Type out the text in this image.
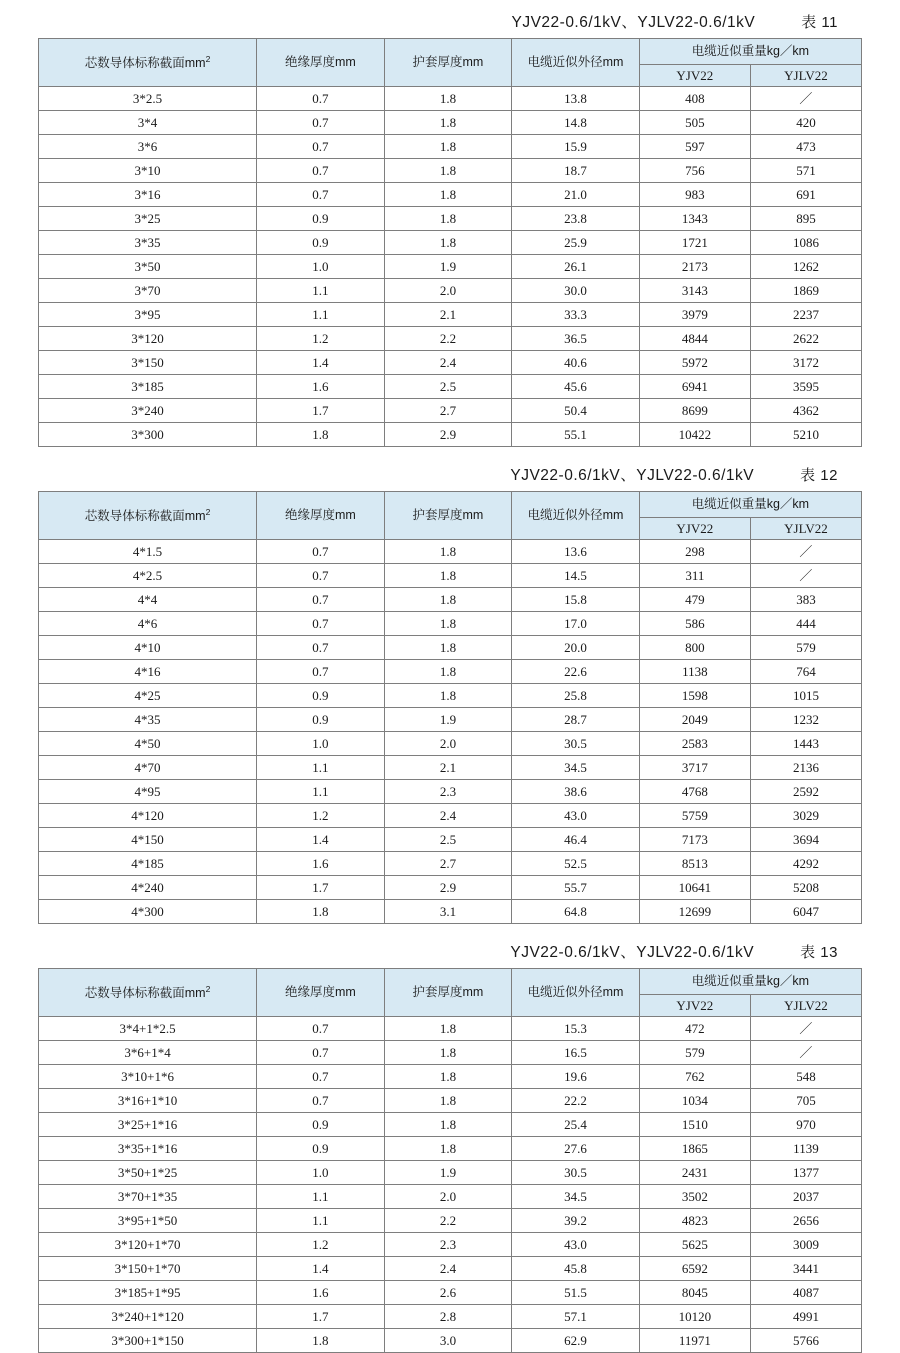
YJV22-0.6/1kV、YJLV22-0.6/1kV	表 11
芯数导体标称截面$mm^2$	绝缘厚度mm	护套厚度mm	电缆近似外径mm	电缆近似重量kg／km	
				YJV22	YJLV22
3*2.5	0.7	1.8	13.8	408	／
3*4	0.7	1.8	14.8	505	420
3*6	0.7	1.8	15.9	597	473
3*10	0.7	1.8	18.7	756	571
3*16	0.7	1.8	21.0	983	691
3*25	0.9	1.8	23.8	1343	895
3*35	0.9	1.8	25.9	1721	1086
3*50	1.0	1.9	26.1	2173	1262
3*70	1.1	2.0	30.0	3143	1869
3*95	1.1	2.1	33.3	3979	2237
3*120	1.2	2.2	36.5	4844	2622
3*150	1.4	2.4	40.6	5972	3172
3*185	1.6	2.5	45.6	6941	3595
3*240	1.7	2.7	50.4	8699	4362
3*300	1.8	2.9	55.1	10422	5210
YJV22-0.6/1kV、YJLV22-0.6/1kV	表 12
芯数导体标称截面$mm^2$	绝缘厚度mm	护套厚度mm	电缆近似外径mm	电缆近似重量kg／km	
				YJV22	YJLV22
4*1.5	0.7	1.8	13.6	298	／
4*2.5	0.7	1.8	14.5	311	／
4*4	0.7	1.8	15.8	479	383
4*6	0.7	1.8	17.0	586	444
4*10	0.7	1.8	20.0	800	579
4*16	0.7	1.8	22.6	1138	764
4*25	0.9	1.8	25.8	1598	1015
4*35	0.9	1.9	28.7	2049	1232
4*50	1.0	2.0	30.5	2583	1443
4*70	1.1	2.1	34.5	3717	2136
4*95	1.1	2.3	38.6	4768	2592
4*120	1.2	2.4	43.0	5759	3029
4*150	1.4	2.5	46.4	7173	3694
4*185	1.6	2.7	52.5	8513	4292
4*240	1.7	2.9	55.7	10641	5208
4*300	1.8	3.1	64.8	12699	6047
YJV22-0.6/1kV、YJLV22-0.6/1kV	表 13
芯数导体标称截面$mm^2$	绝缘厚度mm	护套厚度mm	电缆近似外径mm	电缆近似重量kg／km	
				YJV22	YJLV22
3*4+1*2.5	0.7	1.8	15.3	472	／
3*6+1*4	0.7	1.8	16.5	579	／
3*10+1*6	0.7	1.8	19.6	762	548
3*16+1*10	0.7	1.8	22.2	1034	705
3*25+1*16	0.9	1.8	25.4	1510	970
3*35+1*16	0.9	1.8	27.6	1865	1139
3*50+1*25	1.0	1.9	30.5	2431	1377
3*70+1*35	1.1	2.0	34.5	3502	2037
3*95+1*50	1.1	2.2	39.2	4823	2656
3*120+1*70	1.2	2.3	43.0	5625	3009
3*150+1*70	1.4	2.4	45.8	6592	3441
3*185+1*95	1.6	2.6	51.5	8045	4087
3*240+1*120	1.7	2.8	57.1	10120	4991
3*300+1*150	1.8	3.0	62.9	11971	5766
